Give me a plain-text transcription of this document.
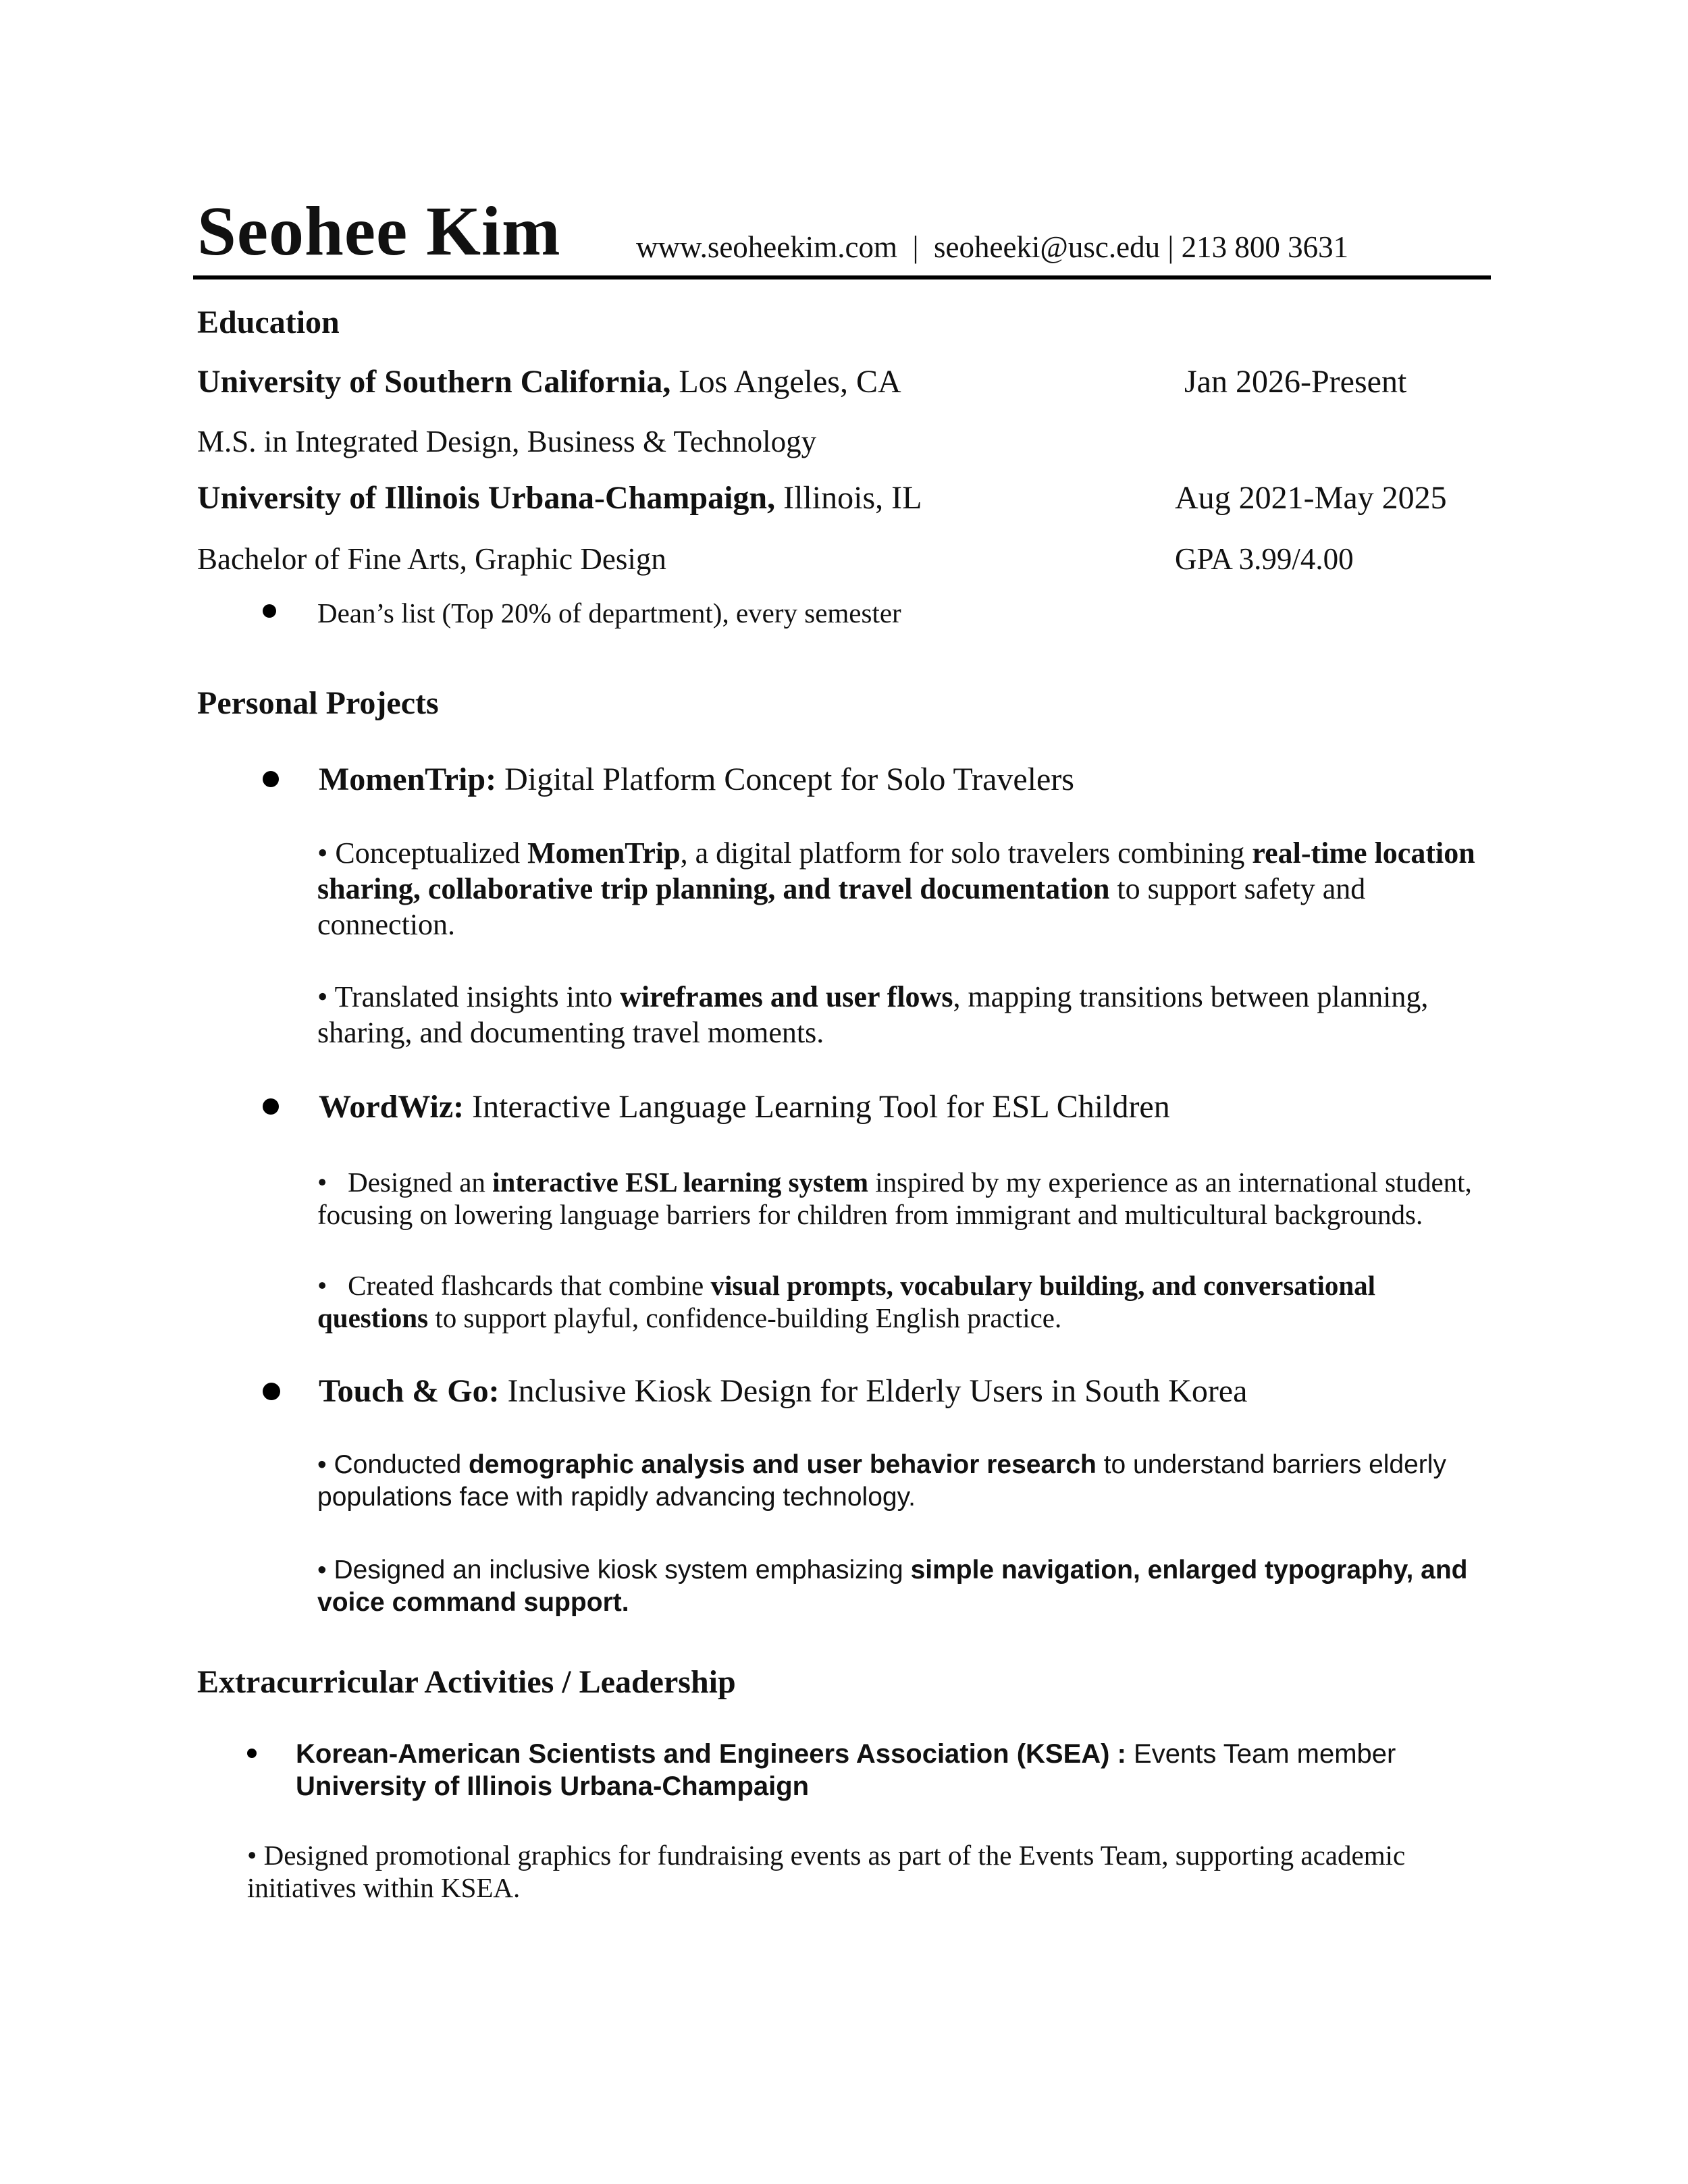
Seohee Kim www.seoheekim.com  |  seoheeki@usc.edu | 213 800 3631
Education
University of Southern California, Los Angeles, CA	Jan 2026-Present
M.S. in Integrated Design, Business & Technology
University of Illinois Urbana-Champaign, Illinois, IL	Aug 2021-May 2025
Bachelor of Fine Arts, Graphic Design	GPA 3.99/4.00
Dean’s list (Top 20% of department), every semester
Personal Projects
MomenTrip: Digital Platform Concept for Solo Travelers
• Conceptualized MomenTrip, a digital platform for solo travelers combining real-time location sharing, collaborative trip planning, and travel documentation to support safety and connection.
• Translated insights into wireframes and user flows, mapping transitions between planning, sharing, and documenting travel moments.
WordWiz: Interactive Language Learning Tool for ESL Children
•   Designed an interactive ESL learning system inspired by my experience as an international student, focusing on lowering language barriers for children from immigrant and multicultural backgrounds.
•   Created flashcards that combine visual prompts, vocabulary building, and conversational questions to support playful, confidence-building English practice.
Touch & Go: Inclusive Kiosk Design for Elderly Users in South Korea
• Conducted demographic analysis and user behavior research to understand barriers elderly populations face with rapidly advancing technology.
• Designed an inclusive kiosk system emphasizing simple navigation, enlarged typography, and voice command support.
Extracurricular Activities / Leadership
Korean-American Scientists and Engineers Association (KSEA) : Events Team member
University of Illinois Urbana-Champaign
• Designed promotional graphics for fundraising events as part of the Events Team, supporting academic initiatives within KSEA.
